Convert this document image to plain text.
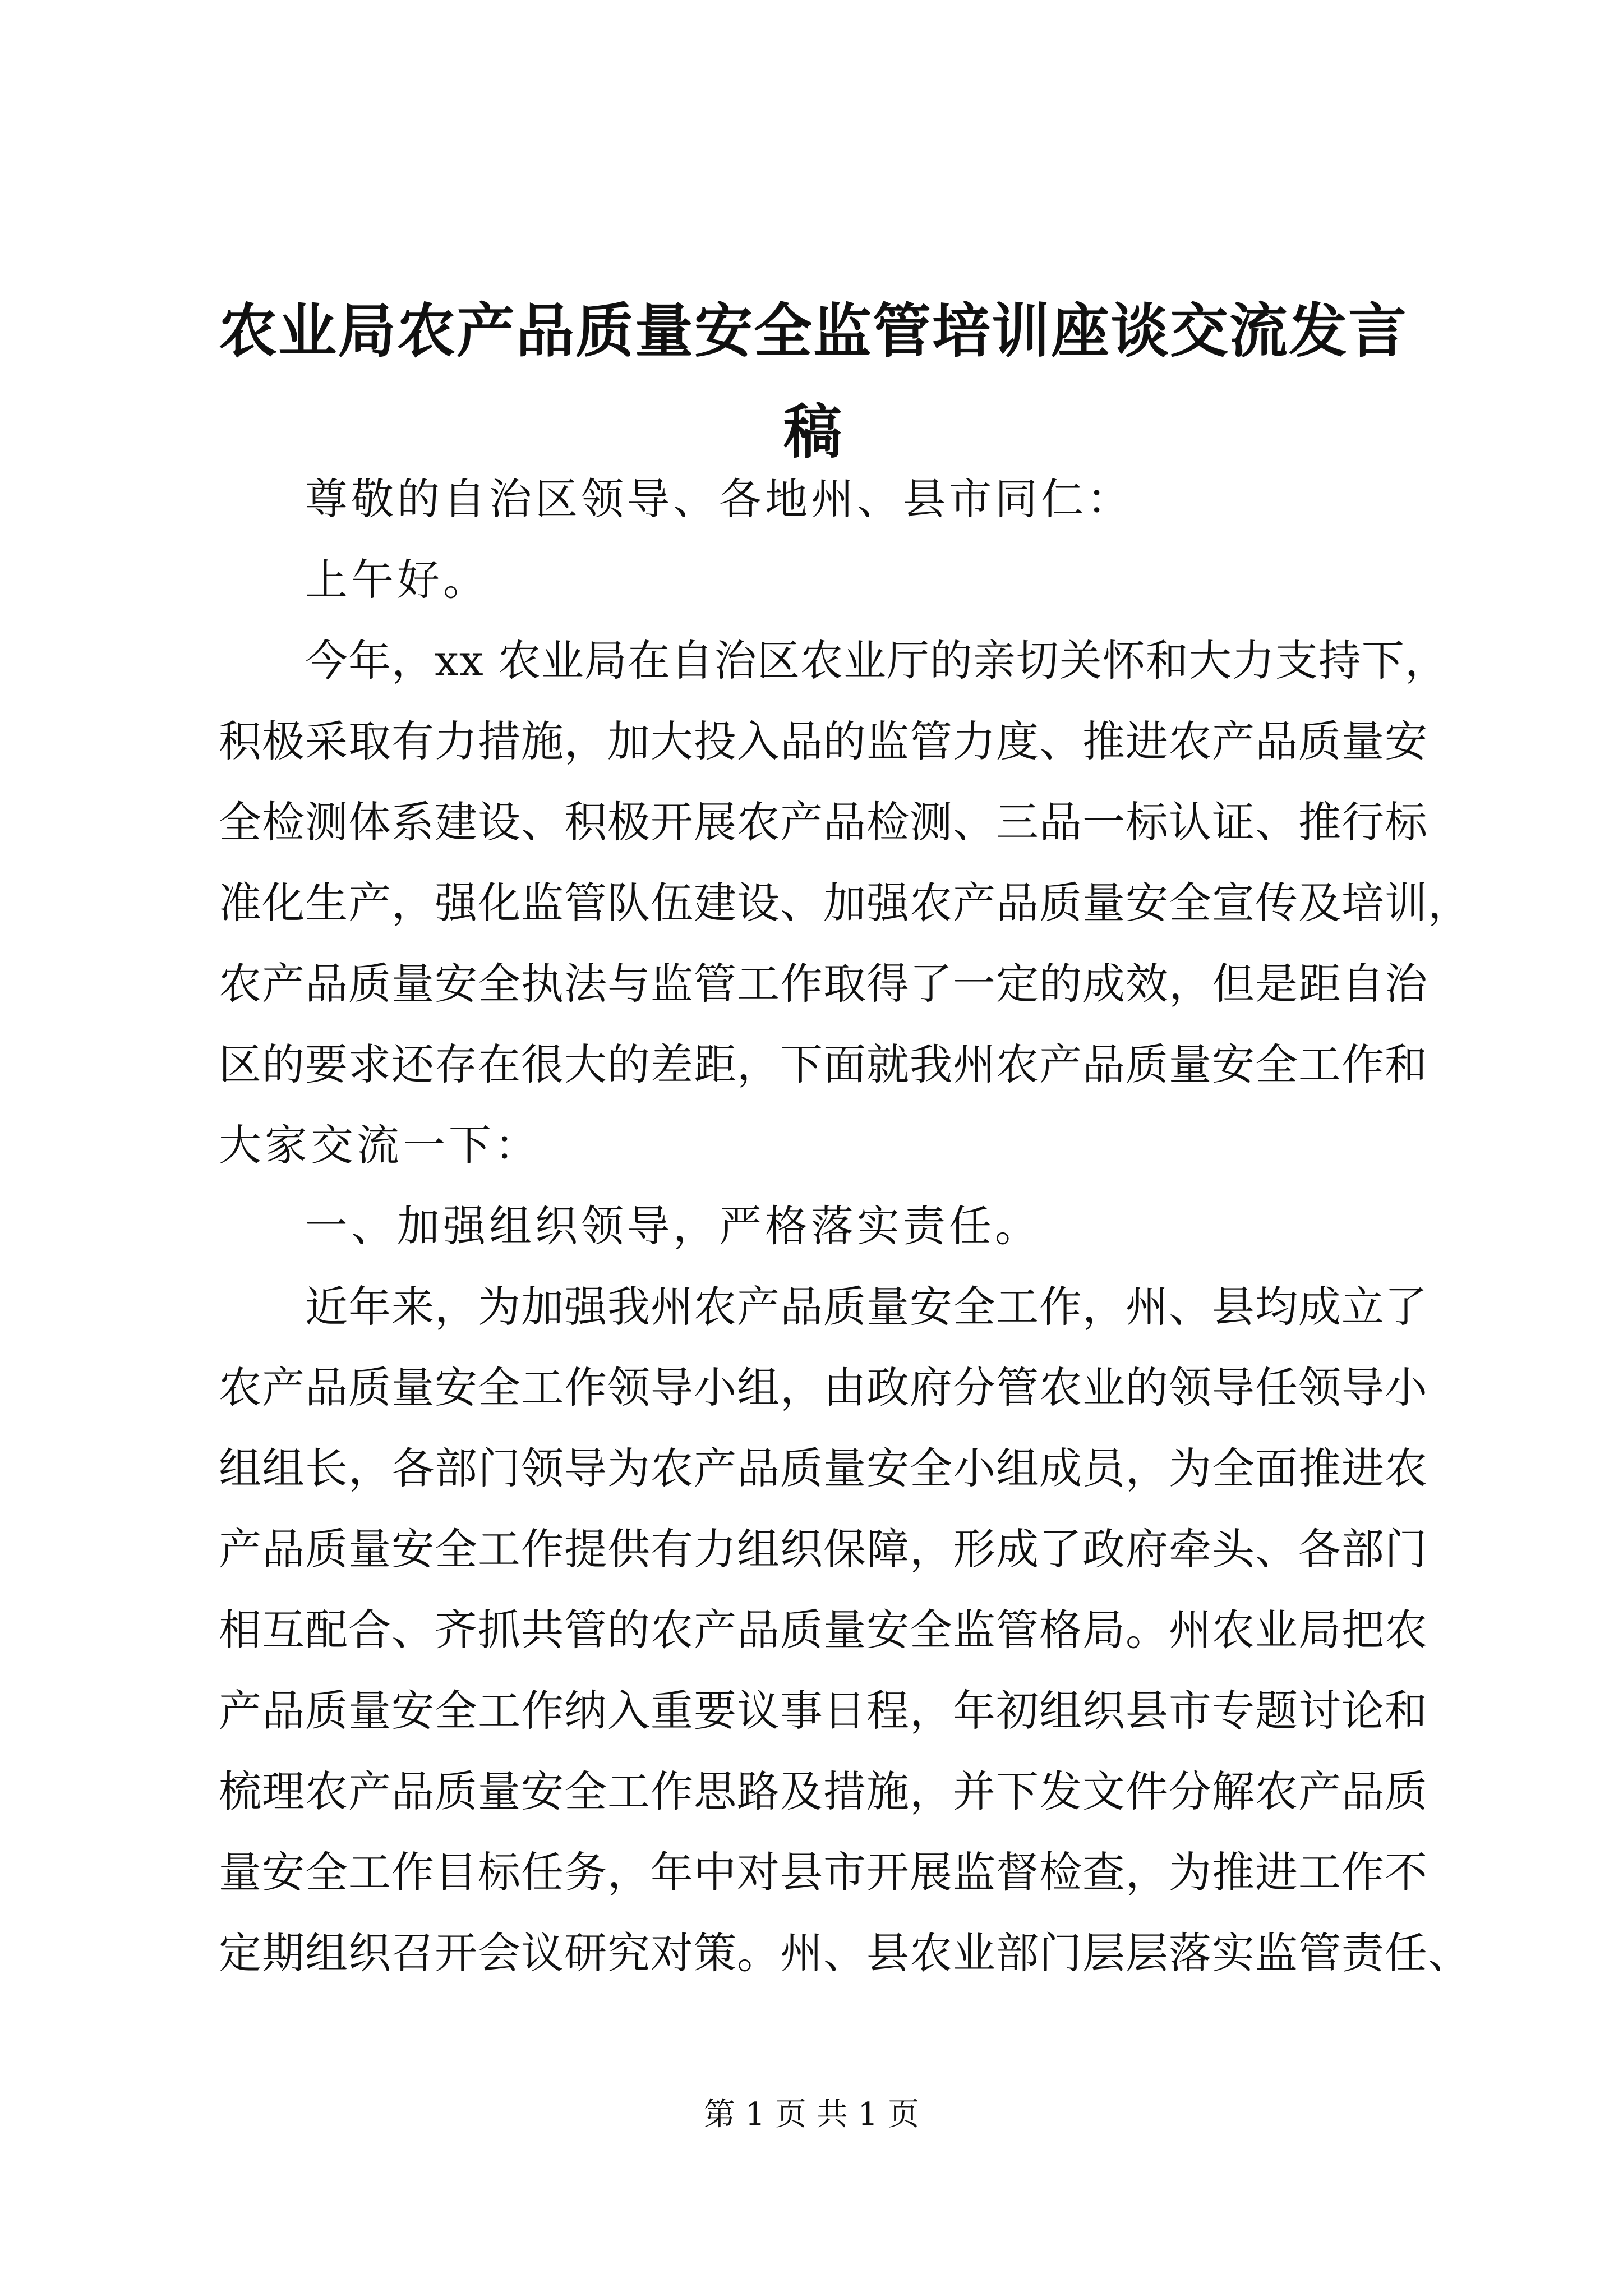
农业局农产品质量安全监管培训座谈交流发言
稿
尊敬的自治区领导、各地州、县市同仁：
上午好。
今年，xx 农业局在自治区农业厅的亲切关怀和大力支持下，
积极采取有力措施，加大投入品的监管力度、推进农产品质量安
全检测体系建设、积极开展农产品检测、三品一标认证、推行标
准化生产，强化监管队伍建设、加强农产品质量安全宣传及培训，
农产品质量安全执法与监管工作取得了一定的成效，但是距自治
区的要求还存在很大的差距，下面就我州农产品质量安全工作和
大家交流一下：
一、加强组织领导，严格落实责任。
近年来，为加强我州农产品质量安全工作，州、县均成立了
农产品质量安全工作领导小组，由政府分管农业的领导任领导小
组组长，各部门领导为农产品质量安全小组成员，为全面推进农
产品质量安全工作提供有力组织保障，形成了政府牵头、各部门
相互配合、齐抓共管的农产品质量安全监管格局。州农业局把农
产品质量安全工作纳入重要议事日程，年初组织县市专题讨论和
梳理农产品质量安全工作思路及措施，并下发文件分解农产品质
量安全工作目标任务，年中对县市开展监督检查，为推进工作不
定期组织召开会议研究对策。州、县农业部门层层落实监管责任、
第 1 页 共 1 页
